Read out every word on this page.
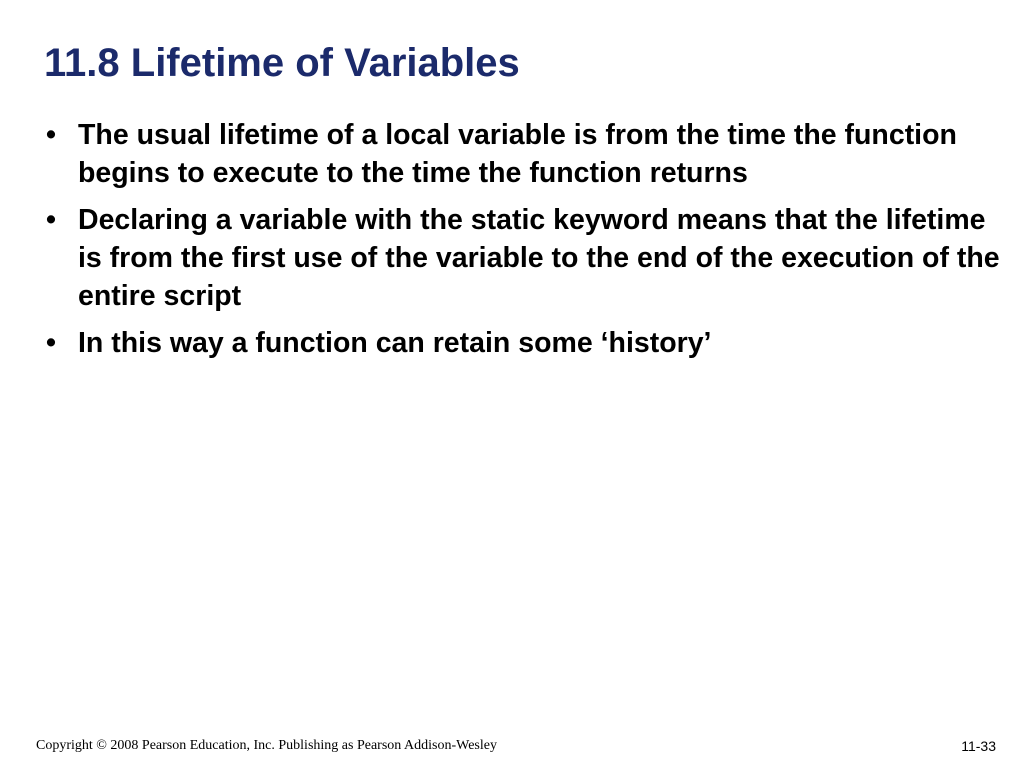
11.8 Lifetime of Variables
• The usual lifetime of a local variable is from the time the function begins to execute to the time the function returns
• Declaring a variable with the static keyword means that the lifetime is from the first use of the variable to the end of the execution of the entire script
• In this way a function can retain some ‘history’
Copyright © 2008 Pearson Education, Inc. Publishing as Pearson Addison-Wesley	11-33
